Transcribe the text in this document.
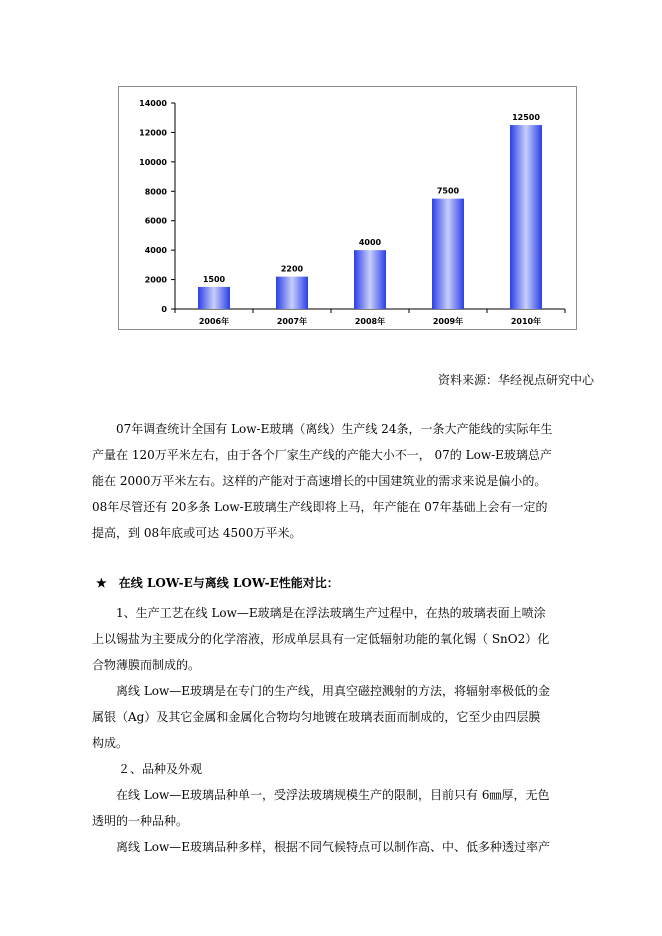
0
2000
4000
6000
8000
10000
12000
14000
1500
2006年
2200
2007年
4000
2008年
7500
2009年
12500
2010年
资料来源：华经视点研究中心
07年调查统计全国有 Low-E玻璃（离线）生产线 24条，一条大产能线的实际年生
产量在 120万平米左右，由于各个厂家生产线的产能大小不一， 07的 Low-E玻璃总产
能在 2000万平米左右。这样的产能对于高速增长的中国建筑业的需求来说是偏小的。
08年尽管还有 20多条 Low-E玻璃生产线即将上马，年产能在 07年基础上会有一定的
提高，到 08年底或可达 4500万平米。
★ 在线 LOW-E与离线 LOW-E性能对比：
1、生产工艺在线 Low—E玻璃是在浮法玻璃生产过程中，在热的玻璃表面上喷涂
上以锡盐为主要成分的化学溶液，形成单层具有一定低辐射功能的氧化锡（ SnO2）化
合物薄膜而制成的。
离线 Low—E玻璃是在专门的生产线，用真空磁控溅射的方法，将辐射率极低的金
属银（Ag）及其它金属和金属化合物均匀地镀在玻璃表面而制成的，它至少由四层膜
构成。
２、品种及外观
在线 Low—E玻璃品种单一，受浮法玻璃规模生产的限制，目前只有 6㎜厚，无色
透明的一种品种。
离线 Low—E玻璃品种多样，根据不同气候特点可以制作高、中、低多种透过率产
